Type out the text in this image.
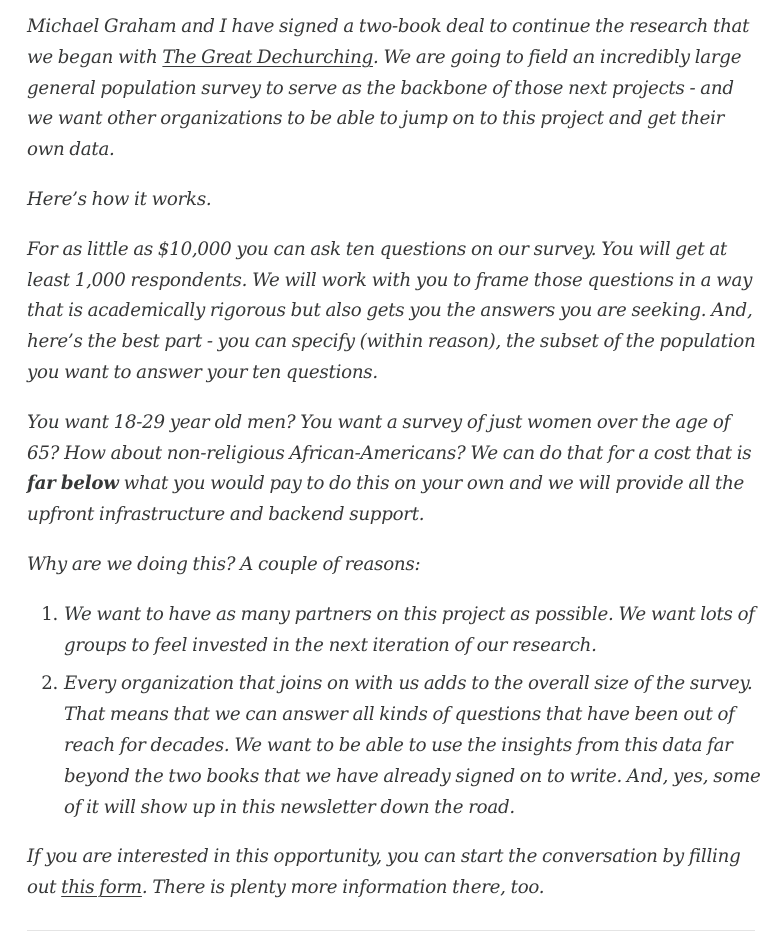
Michael Graham and I have signed a two-book deal to continue the research that we began with The Great Dechurching. We are going to field an incredibly large general population survey to serve as the backbone of those next projects - and we want other organizations to be able to jump on to this project and get their own data.

Here’s how it works.

For as little as $10,000 you can ask ten questions on our survey. You will get at least 1,000 respondents. We will work with you to frame those questions in a way that is academically rigorous but also gets you the answers you are seeking. And, here’s the best part - you can specify (within reason), the subset of the population you want to answer your ten questions.

You want 18-29 year old men? You want a survey of just women over the age of 65? How about non-religious African-Americans? We can do that for a cost that is far below what you would pay to do this on your own and we will provide all the upfront infrastructure and backend support.

Why are we doing this? A couple of reasons:

1. We want to have as many partners on this project as possible. We want lots of groups to feel invested in the next iteration of our research.
2. Every organization that joins on with us adds to the overall size of the survey. That means that we can answer all kinds of questions that have been out of reach for decades. We want to be able to use the insights from this data far beyond the two books that we have already signed on to write. And, yes, some of it will show up in this newsletter down the road.

If you are interested in this opportunity, you can start the conversation by filling out this form. There is plenty more information there, too.
